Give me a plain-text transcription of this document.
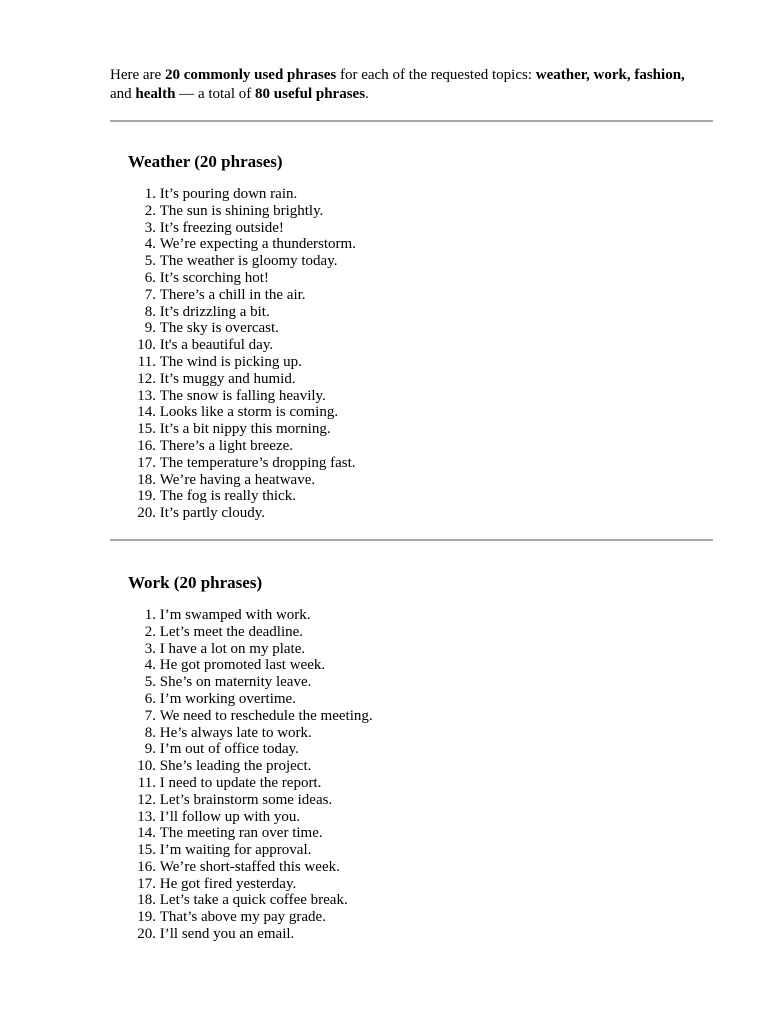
Here are 20 commonly used phrases for each of the requested topics: weather, work, fashion,
and health — a total of 80 useful phrases.

Weather (20 phrases)
1.
It’s pouring down rain.
2.
The sun is shining brightly.
3.
It’s freezing outside!
4.
We’re expecting a thunderstorm.
5.
The weather is gloomy today.
6.
It’s scorching hot!
7.
There’s a chill in the air.
8.
It’s drizzling a bit.
9.
The sky is overcast.
10.
It's a beautiful day.
11.
The wind is picking up.
12.
It’s muggy and humid.
13.
The snow is falling heavily.
14.
Looks like a storm is coming.
15.
It’s a bit nippy this morning.
16.
There’s a light breeze.
17.
The temperature’s dropping fast.
18.
We’re having a heatwave.
19.
The fog is really thick.
20.
It’s partly cloudy.
Work (20 phrases)
1.
I’m swamped with work.
2.
Let’s meet the deadline.
3.
I have a lot on my plate.
4.
He got promoted last week.
5.
She’s on maternity leave.
6.
I’m working overtime.
7.
We need to reschedule the meeting.
8.
He’s always late to work.
9.
I’m out of office today.
10.
She’s leading the project.
11.
I need to update the report.
12.
Let’s brainstorm some ideas.
13.
I’ll follow up with you.
14.
The meeting ran over time.
15.
I’m waiting for approval.
16.
We’re short-staffed this week.
17.
He got fired yesterday.
18.
Let’s take a quick coffee break.
19.
That’s above my pay grade.
20.
I’ll send you an email.
